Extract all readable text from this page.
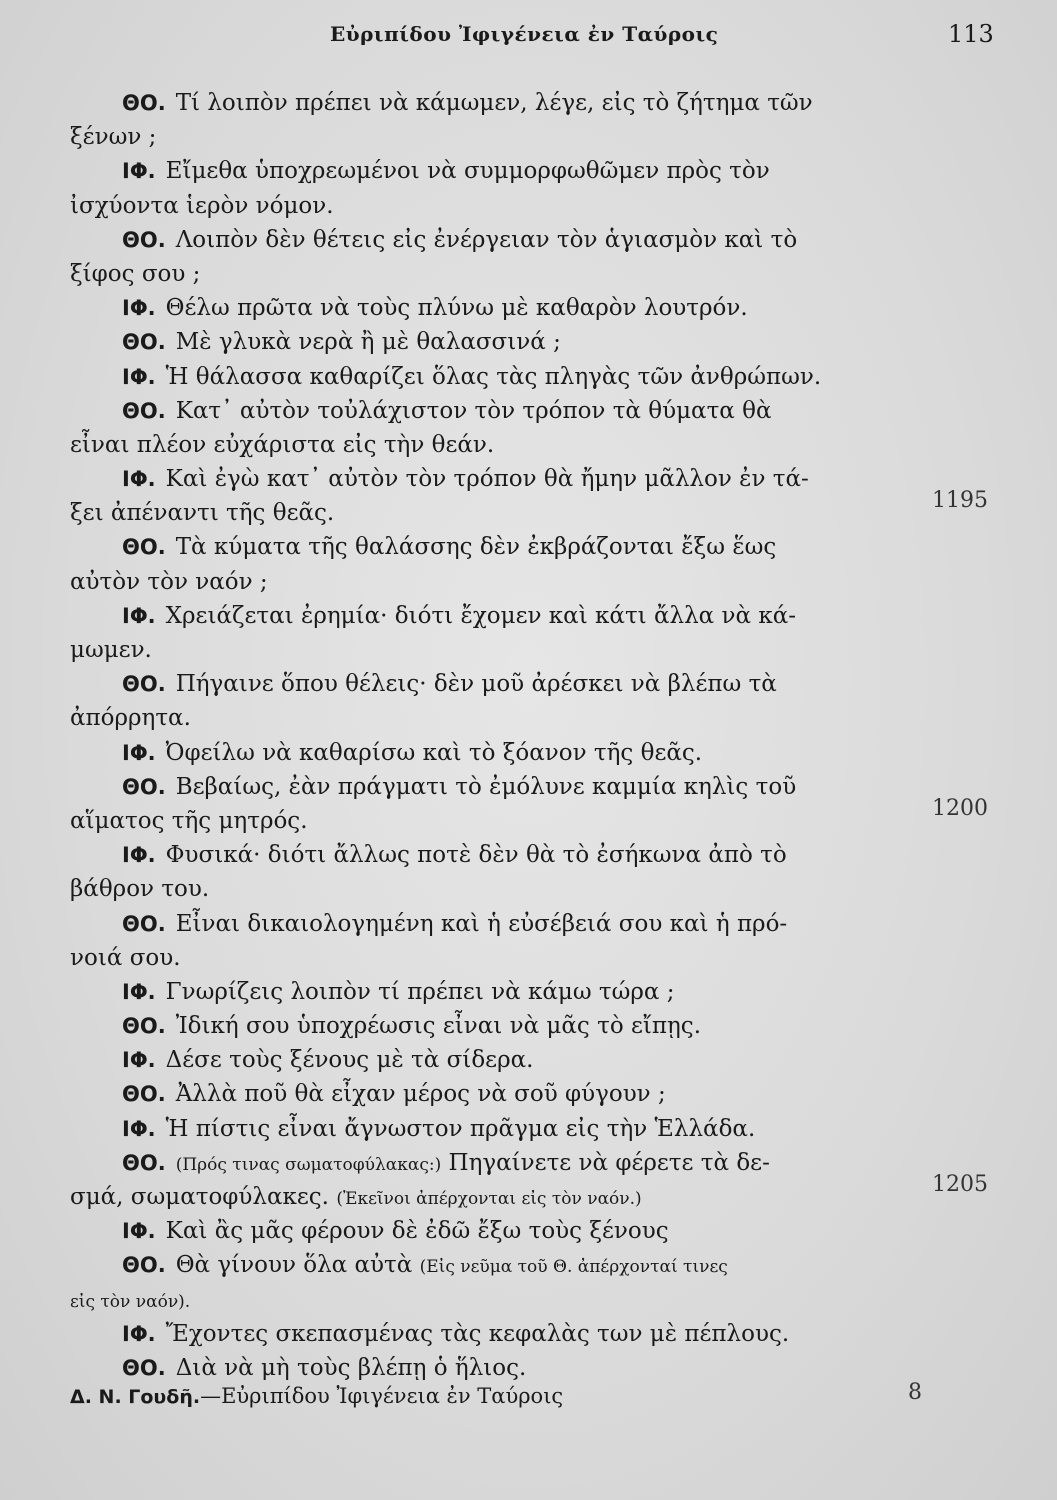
Εὐριπίδου Ἰφιγένεια ἐν Ταύροις	113
ΘΟ. Τί λοιπὸν πρέπει νὰ κάμωμεν, λέγε, εἰς τὸ ζήτημα τῶν
ξένων ;
ΙΦ. Εἴμεθα ὑποχρεωμένοι νὰ συμμορφωθῶμεν πρὸς τὸν
ἰσχύοντα ἱερὸν νόμον.
ΘΟ. Λοιπὸν δὲν θέτεις εἰς ἐνέργειαν τὸν ἁγιασμὸν καὶ τὸ
ξίφος σου ;
ΙΦ. Θέλω πρῶτα νὰ τοὺς πλύνω μὲ καθαρὸν λουτρόν.
ΘΟ. Μὲ γλυκὰ νερὰ ἢ μὲ θαλασσινά ;
ΙΦ. Ἡ θάλασσα καθαρίζει ὅλας τὰς πληγὰς τῶν ἀνθρώπων.
ΘΟ. Κατ᾽ αὐτὸν τοὐλάχιστον τὸν τρόπον τὰ θύματα θὰ
εἶναι πλέον εὐχάριστα εἰς τὴν θεάν.
ΙΦ. Καὶ ἐγὼ κατ᾽ αὐτὸν τὸν τρόπον θὰ ἤμην μᾶλλον ἐν τά-
ξει ἀπέναντι τῆς θεᾶς.
ΘΟ. Τὰ κύματα τῆς θαλάσσης δὲν ἐκβράζονται ἔξω ἕως
αὐτὸν τὸν ναόν ;
ΙΦ. Χρειάζεται ἐρημία· διότι ἔχομεν καὶ κάτι ἄλλα νὰ κά-
μωμεν.
ΘΟ. Πήγαινε ὅπου θέλεις· δὲν μοῦ ἀρέσκει νὰ βλέπω τὰ
ἀπόρρητα.
ΙΦ. Ὀφείλω νὰ καθαρίσω καὶ τὸ ξόανον τῆς θεᾶς.
ΘΟ. Βεβαίως, ἐὰν πράγματι τὸ ἐμόλυνε καμμία κηλὶς τοῦ
αἵματος τῆς μητρός.
ΙΦ. Φυσικά· διότι ἄλλως ποτὲ δὲν θὰ τὸ ἐσήκωνα ἀπὸ τὸ
βάθρον του.
ΘΟ. Εἶναι δικαιολογημένη καὶ ἡ εὐσέβειά σου καὶ ἡ πρό-
νοιά σου.
ΙΦ. Γνωρίζεις λοιπὸν τί πρέπει νὰ κάμω τώρα ;
ΘΟ. Ἰδική σου ὑποχρέωσις εἶναι νὰ μᾶς τὸ εἴπῃς.
ΙΦ. Δέσε τοὺς ξένους μὲ τὰ σίδερα.
ΘΟ. Ἀλλὰ ποῦ θὰ εἶχαν μέρος νὰ σοῦ φύγουν ;
ΙΦ. Ἡ πίστις εἶναι ἄγνωστον πρᾶγμα εἰς τὴν Ἑλλάδα.
ΘΟ. (Πρός τινας σωματοφύλακας:) Πηγαίνετε νὰ φέρετε τὰ δε-
σμά, σωματοφύλακες. (Ἐκεῖνοι ἀπέρχονται εἰς τὸν ναόν.)
ΙΦ. Καὶ ἂς μᾶς φέρουν δὲ ἐδῶ ἔξω τοὺς ξένους
ΘΟ. Θὰ γίνουν ὅλα αὐτὰ (Εἰς νεῦμα τοῦ Θ. ἀπέρχονταί τινες
εἰς τὸν ναόν).
ΙΦ. Ἔχοντες σκεπασμένας τὰς κεφαλὰς των μὲ πέπλους.
ΘΟ. Διὰ νὰ μὴ τοὺς βλέπῃ ὁ ἥλιος.
1195
1200
1205
Δ. Ν. Γουδῆ.—Εὐριπίδου Ἰφιγένεια ἐν Ταύροις	8
